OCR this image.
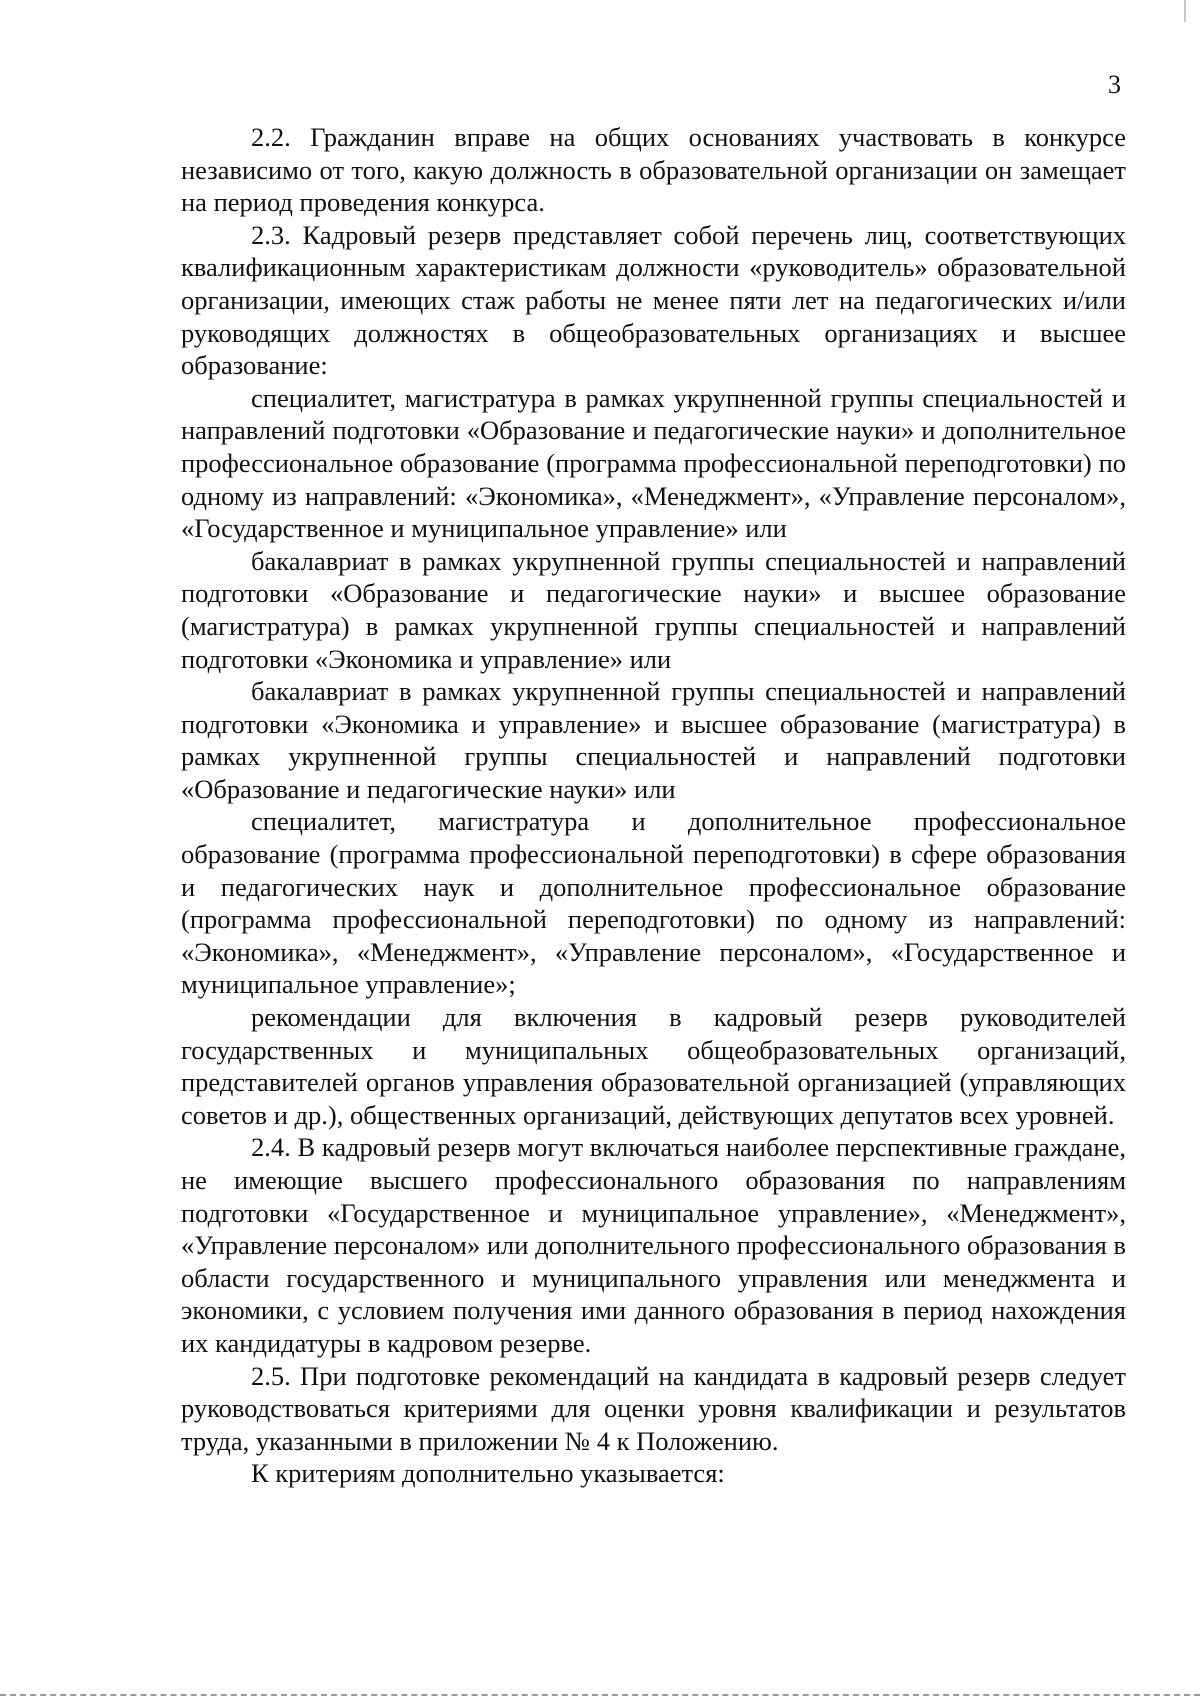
3

2.2. Гражданин вправе на общих основаниях участвовать в конкурсе независимо от того, какую должность в образовательной организации он замещает на период проведения конкурса.

2.3. Кадровый резерв представляет собой перечень лиц, соответствующих квалификационным характеристикам должности «руководитель» образовательной организации, имеющих стаж работы не менее пяти лет на педагогических и/или руководящих должностях в общеобразовательных организациях и высшее образование:

специалитет, магистратура в рамках укрупненной группы специальностей и направлений подготовки «Образование и педагогические науки» и дополнительное профессиональное образование (программа профессиональной переподготовки) по одному из направлений: «Экономика», «Менеджмент», «Управление персоналом», «Государственное и муниципальное управление» или

бакалавриат в рамках укрупненной группы специальностей и направлений подготовки «Образование и педагогические науки» и высшее образование (магистратура) в рамках укрупненной группы специальностей и направлений подготовки «Экономика и управление» или

бакалавриат в рамках укрупненной группы специальностей и направлений подготовки «Экономика и управление» и высшее образование (магистратура) в рамках укрупненной группы специальностей и направлений подготовки «Образование и педагогические науки» или

специалитет, магистратура и дополнительное профессиональное образование (программа профессиональной переподготовки) в сфере образования и педагогических наук и дополнительное профессиональное образование (программа профессиональной переподготовки) по одному из направлений: «Экономика», «Менеджмент», «Управление персоналом», «Государственное и муниципальное управление»;

рекомендации для включения в кадровый резерв руководителей государственных и муниципальных общеобразовательных организаций, представителей органов управления образовательной организацией (управляющих советов и др.), общественных организаций, действующих депутатов всех уровней.

2.4. В кадровый резерв могут включаться наиболее перспективные граждане, не имеющие высшего профессионального образования по направлениям подготовки «Государственное и муниципальное управление», «Менеджмент», «Управление персоналом» или дополнительного профессионального образования в области государственного и муниципального управления или менеджмента и экономики, с условием получения ими данного образования в период нахождения их кандидатуры в кадровом резерве.

2.5. При подготовке рекомендаций на кандидата в кадровый резерв следует руководствоваться критериями для оценки уровня квалификации и результатов труда, указанными в приложении № 4 к Положению.

К критериям дополнительно указывается:
